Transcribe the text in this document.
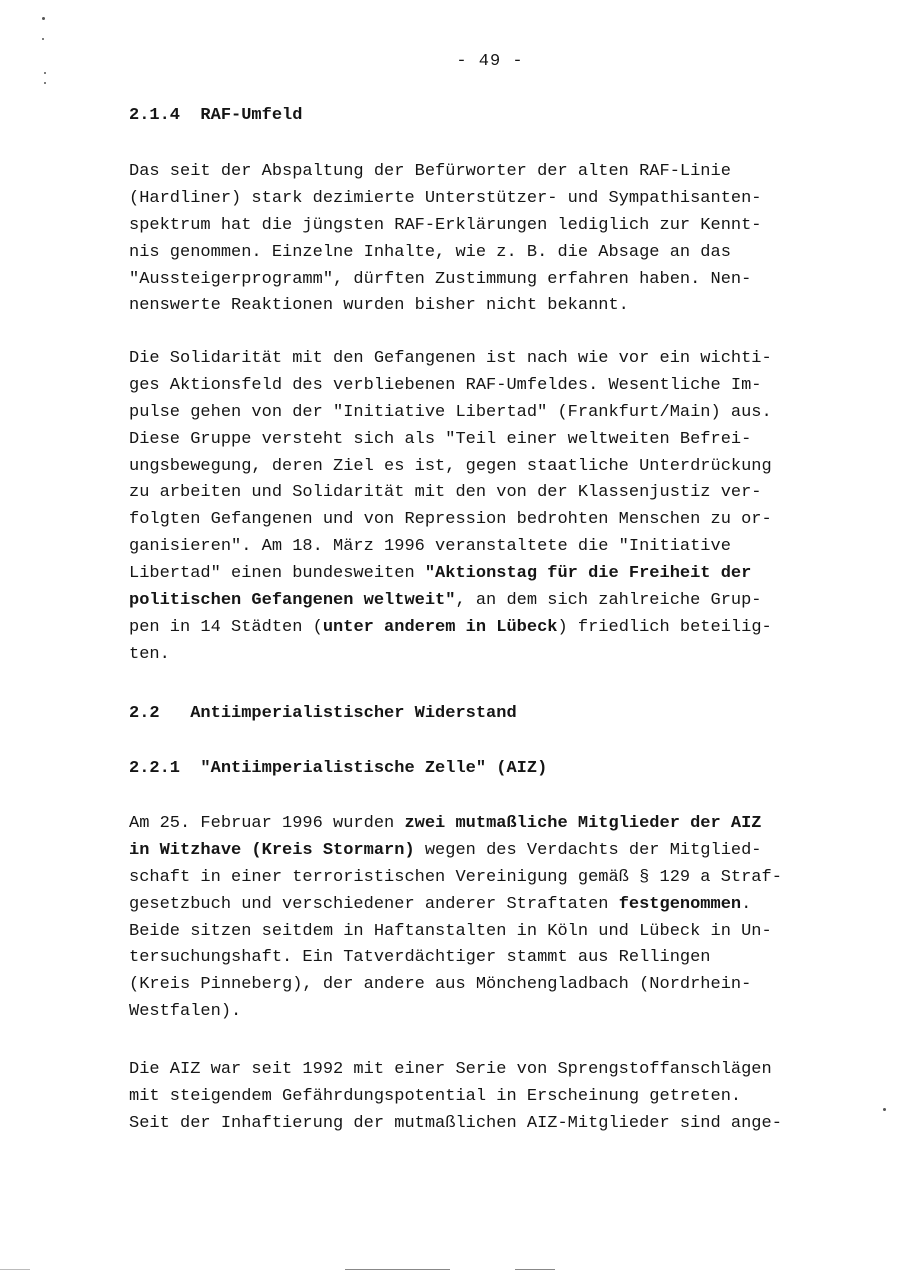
- 49 -
2.1.4  RAF-Umfeld
Das seit der Abspaltung der Befürworter der alten RAF-Linie
(Hardliner) stark dezimierte Unterstützer- und Sympathisanten-
spektrum hat die jüngsten RAF-Erklärungen lediglich zur Kennt-
nis genommen. Einzelne Inhalte, wie z. B. die Absage an das
"Aussteigerprogramm", dürften Zustimmung erfahren haben. Nen-
nenswerte Reaktionen wurden bisher nicht bekannt.
Die Solidarität mit den Gefangenen ist nach wie vor ein wichti-
ges Aktionsfeld des verbliebenen RAF-Umfeldes. Wesentliche Im-
pulse gehen von der "Initiative Libertad" (Frankfurt/Main) aus.
Diese Gruppe versteht sich als "Teil einer weltweiten Befrei-
ungsbewegung, deren Ziel es ist, gegen staatliche Unterdrückung
zu arbeiten und Solidarität mit den von der Klassenjustiz ver-
folgten Gefangenen und von Repression bedrohten Menschen zu or-
ganisieren". Am 18. März 1996 veranstaltete die "Initiative
Libertad" einen bundesweiten "Aktionstag für die Freiheit der
politischen Gefangenen weltweit", an dem sich zahlreiche Grup-
pen in 14 Städten (unter anderem in Lübeck) friedlich beteilig-
ten.
2.2   Antiimperialistischer Widerstand
2.2.1  "Antiimperialistische Zelle" (AIZ)
Am 25. Februar 1996 wurden zwei mutmaßliche Mitglieder der AIZ
in Witzhave (Kreis Stormarn) wegen des Verdachts der Mitglied-
schaft in einer terroristischen Vereinigung gemäß § 129 a Straf-
gesetzbuch und verschiedener anderer Straftaten festgenommen.
Beide sitzen seitdem in Haftanstalten in Köln und Lübeck in Un-
tersuchungshaft. Ein Tatverdächtiger stammt aus Rellingen
(Kreis Pinneberg), der andere aus Mönchengladbach (Nordrhein-
Westfalen).
Die AIZ war seit 1992 mit einer Serie von Sprengstoffanschlägen
mit steigendem Gefährdungspotential in Erscheinung getreten.
Seit der Inhaftierung der mutmaßlichen AIZ-Mitglieder sind ange-
